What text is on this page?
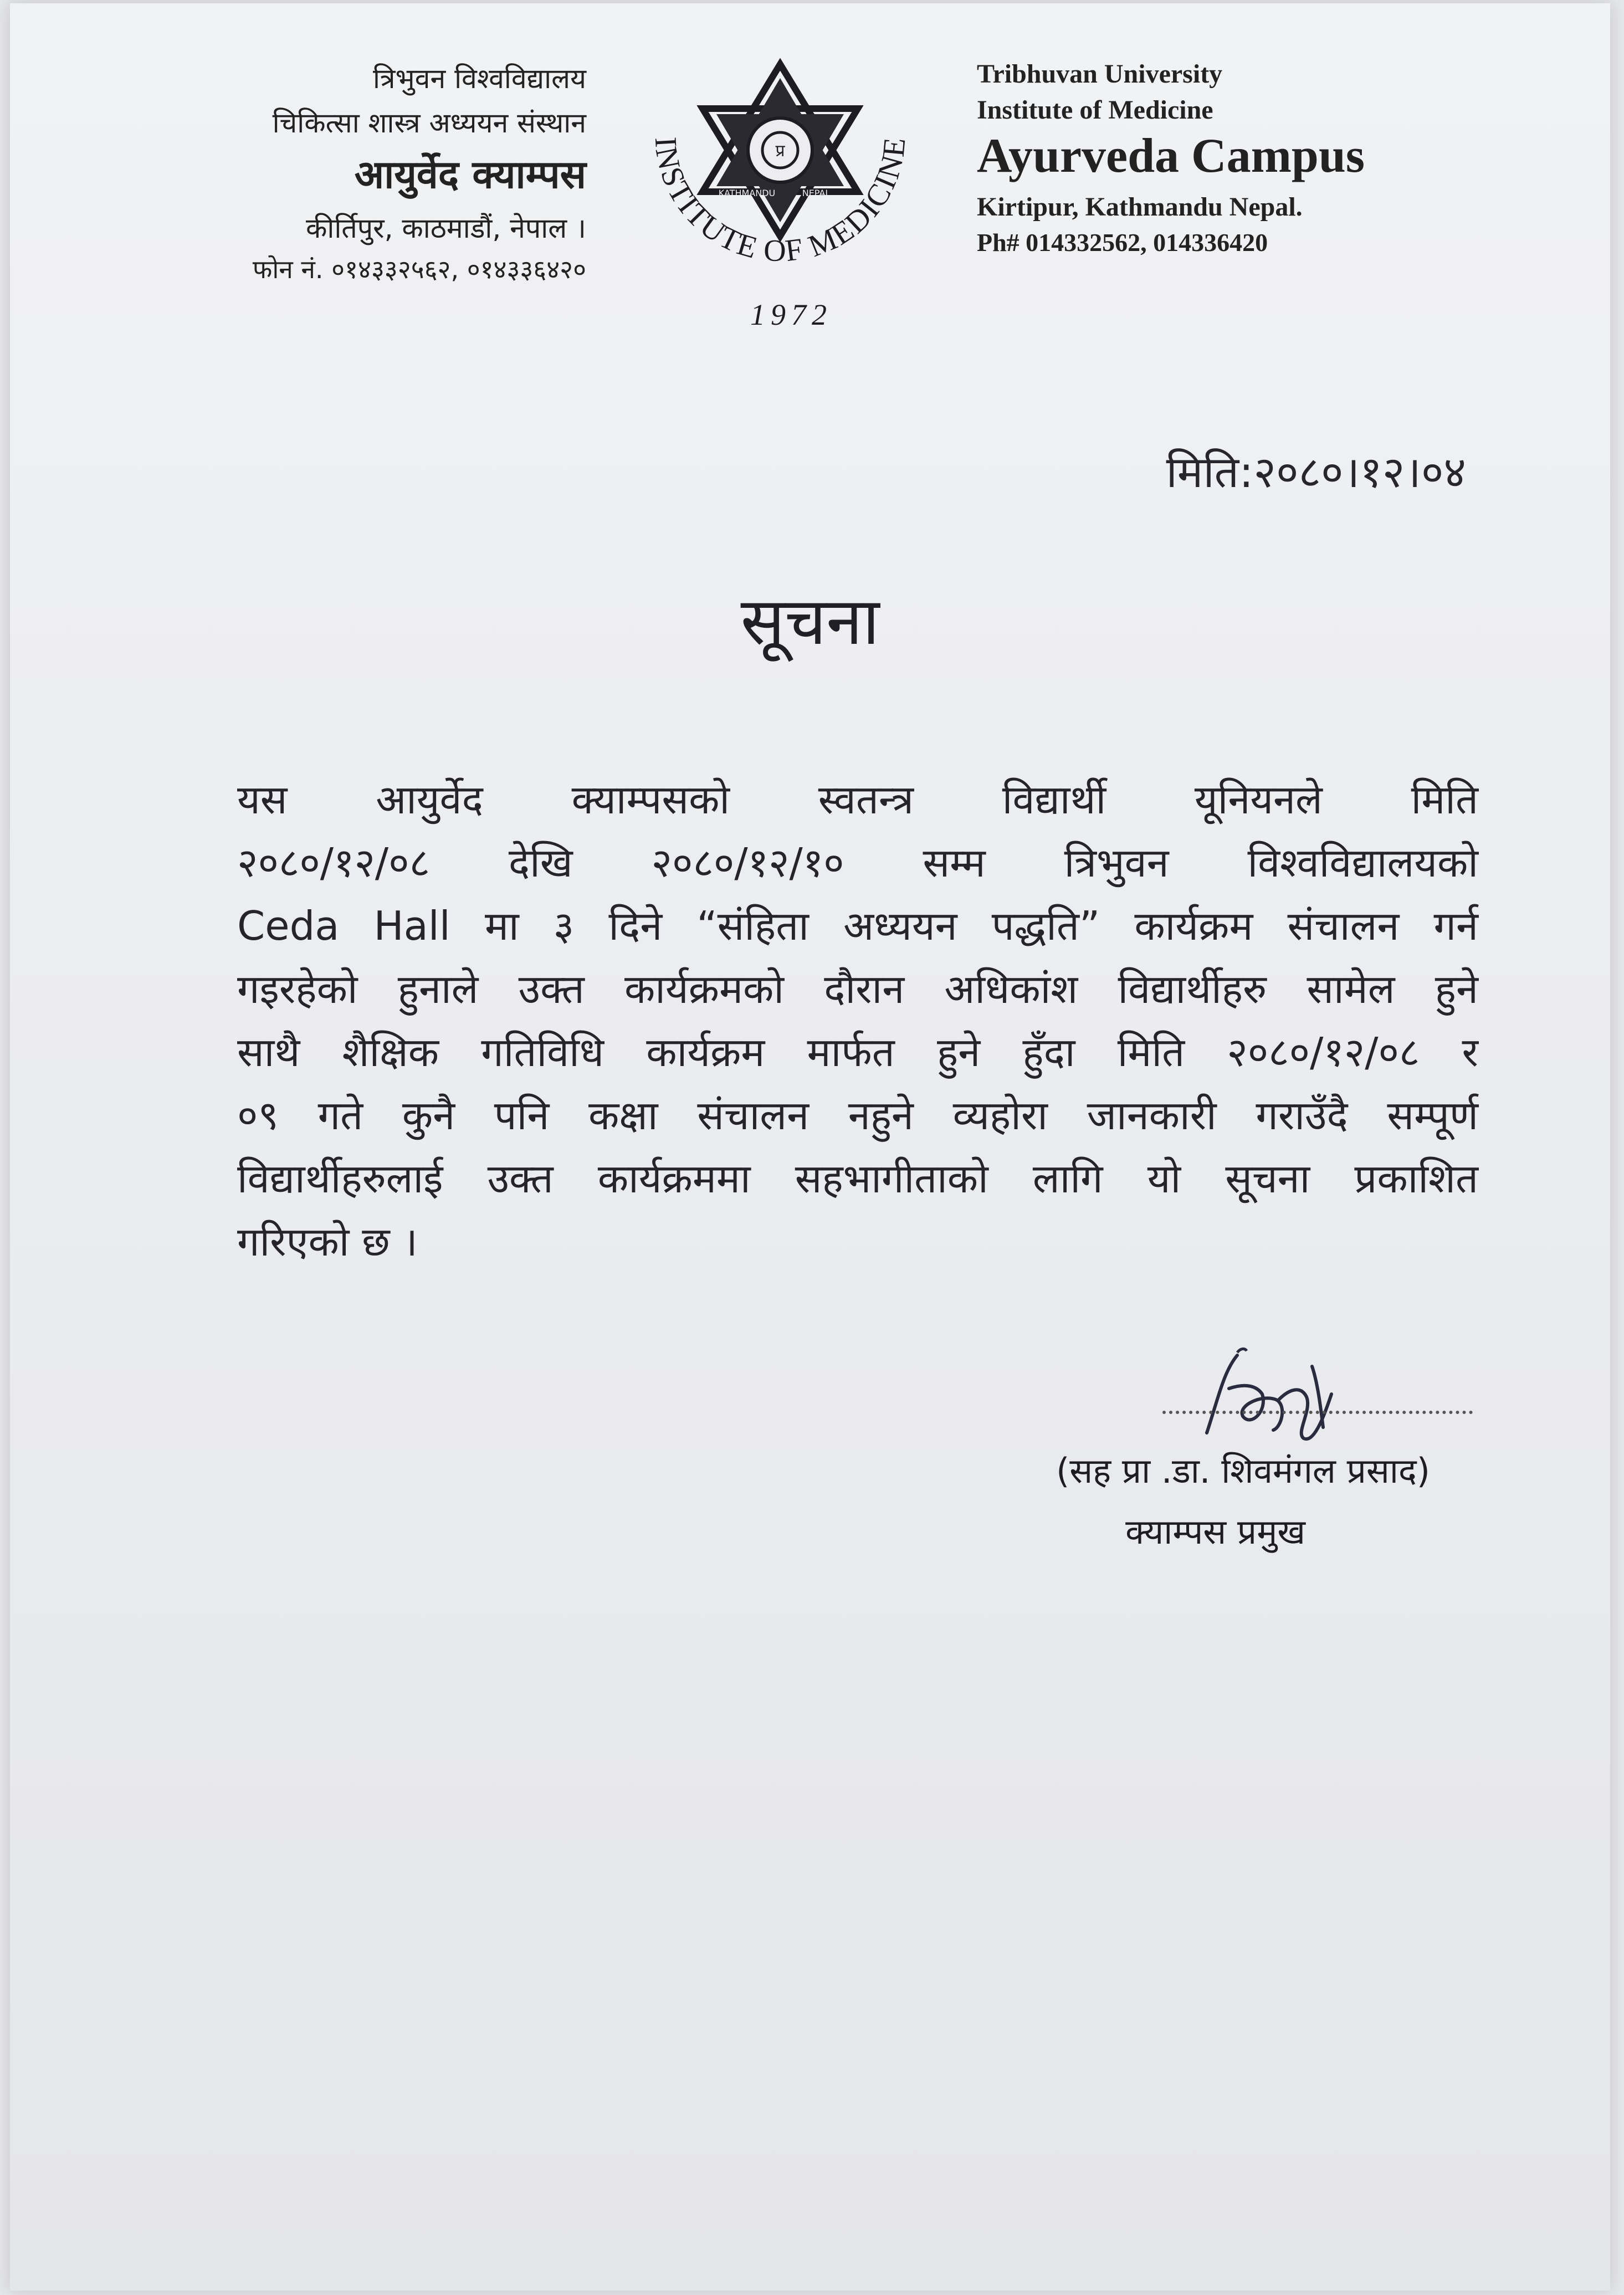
त्रिभुवन विश्वविद्यालय
चिकित्सा शास्त्र अध्ययन संस्थान
आयुर्वेद क्याम्पस
कीर्तिपुर, काठमाडौं, नेपाल ।
फोन नं. ०१४३३२५६२, ०१४३३६४२०
प्र
KATHMANDU	NEPAL
INSTITUTE OF MEDICINE
1972
Tribhuvan University
Institute of Medicine
Ayurveda Campus
Kirtipur, Kathmandu Nepal.
Ph# 014332562, 014336420
मिति:२०८०।१२।०४
सूचना
यस आयुर्वेद क्याम्पसको स्वतन्त्र विद्यार्थी यूनियनले मिति
२०८०/१२/०८ देखि २०८०/१२/१० सम्म त्रिभुवन विश्वविद्यालयको
Ceda Hall मा ३ दिने “संहिता अध्ययन पद्धति” कार्यक्रम संचालन गर्न
गइरहेको हुनाले उक्त कार्यक्रमको दौरान अधिकांश विद्यार्थीहरु सामेल हुने
साथै शैक्षिक गतिविधि कार्यक्रम मार्फत हुने हुँदा मिति २०८०/१२/०८ र
०९ गते कुनै पनि कक्षा संचालन नहुने व्यहोरा जानकारी गराउँदै सम्पूर्ण
विद्यार्थीहरुलाई उक्त कार्यक्रममा सहभागीताको लागि यो सूचना प्रकाशित
गरिएको छ ।
(सह प्रा .डा. शिवमंगल प्रसाद)
क्याम्पस प्रमुख
